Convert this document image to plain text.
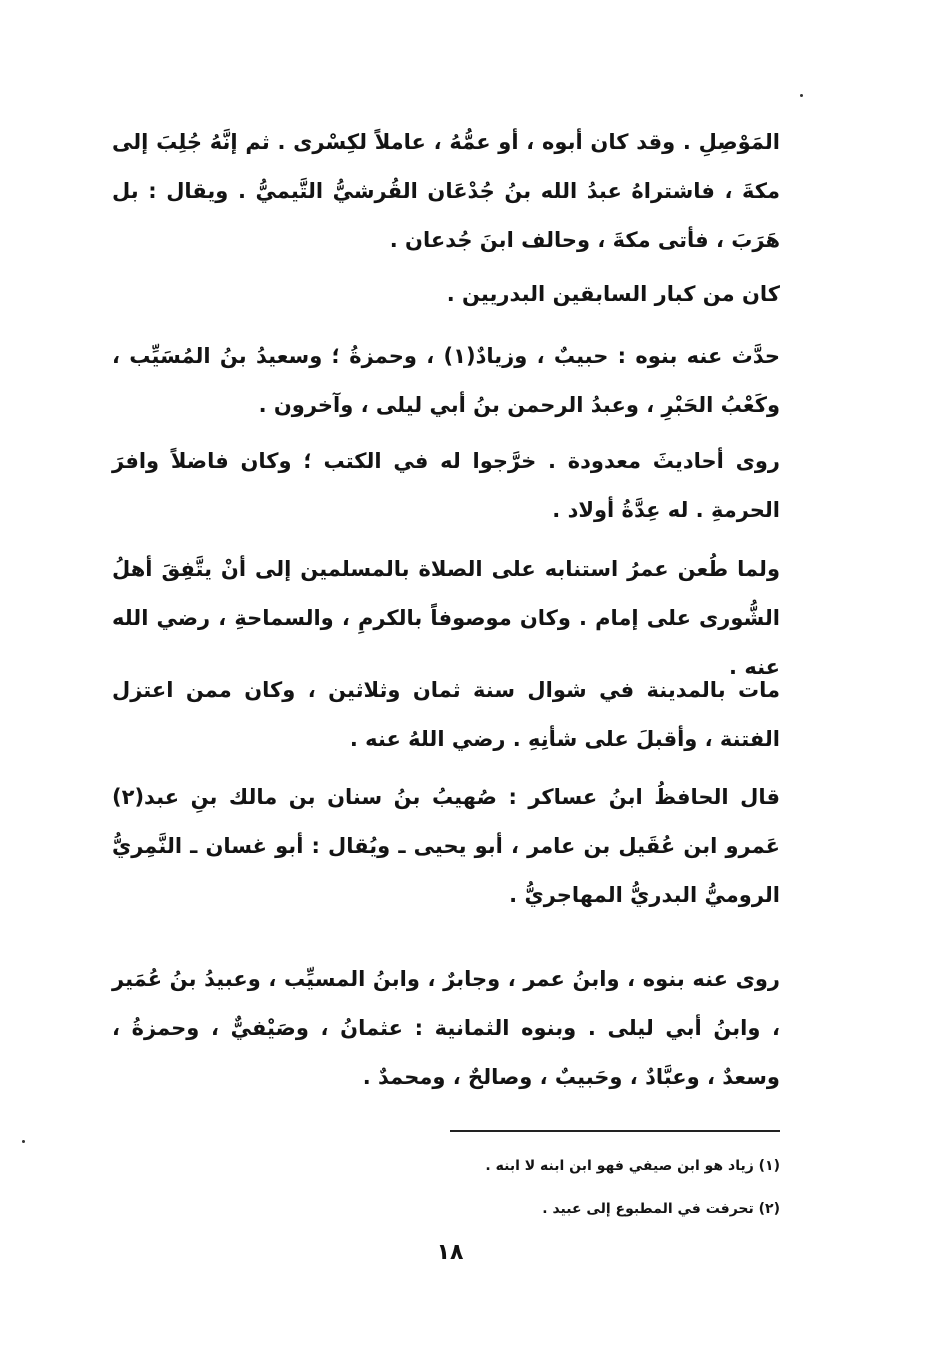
المَوْصِلِ . وقد كان أبوه ، أو عمُّهُ ، عاملاً لكِسْرى . ثم إنَّهُ جُلِبَ إلى مكةَ ، فاشتراهُ عبدُ الله بنُ جُدْعَان القُرشيُّ التَّيميُّ . ويقال : بل هَرَبَ ، فأتى مكةَ ، وحالف ابنَ جُدعان .

كان من كبار السابقين البدريين .

حدَّث عنه بنوه : حبيبٌ ، وزيادٌ(١) ، وحمزةُ ؛ وسعيدُ بنُ المُسَيِّب ، وكَعْبُ الحَبْرِ ، وعبدُ الرحمن بنُ أبي ليلى ، وآخرون .

روى أحاديثَ معدودة . خرَّجوا له في الكتب ؛ وكان فاضلاً وافرَ الحرمةِ . له عِدَّةُ أولاد .

ولما طُعن عمرُ استنابه على الصلاة بالمسلمين إلى أنْ يتَّفِقَ أهلُ الشُّورى على إمام . وكان موصوفاً بالكرمِ ، والسماحةِ ، رضي الله عنه .

مات بالمدينة في شوال سنة ثمان وثلاثين ، وكان ممن اعتزل الفتنة ، وأقبلَ على شأنِهِ . رضي اللهُ عنه .

قال الحافظُ ابنُ عساكر : صُهيبُ بنُ سنان بن مالك بنِ عبد(٢) عَمرو ابن عُقَيل بن عامر ، أبو يحيى ـ ويُقال : أبو غسان ـ النَّمِريُّ الروميُّ البدريُّ المهاجريُّ .

روى عنه بنوه ، وابنُ عمر ، وجابرٌ ، وابنُ المسيِّب ، وعبيدُ بنُ عُمَير ، وابنُ أبي ليلى . وبنوه الثمانية : عثمانُ ، وصَيْفيٌّ ، وحمزةُ ، وسعدٌ ، وعبَّادٌ ، وحَبيبٌ ، وصالحٌ ، ومحمدٌ .

(١) زياد هو ابن صيفي فهو ابن ابنه لا ابنه .

(٢) تحرفت في المطبوع إلى عبيد .

١٨
